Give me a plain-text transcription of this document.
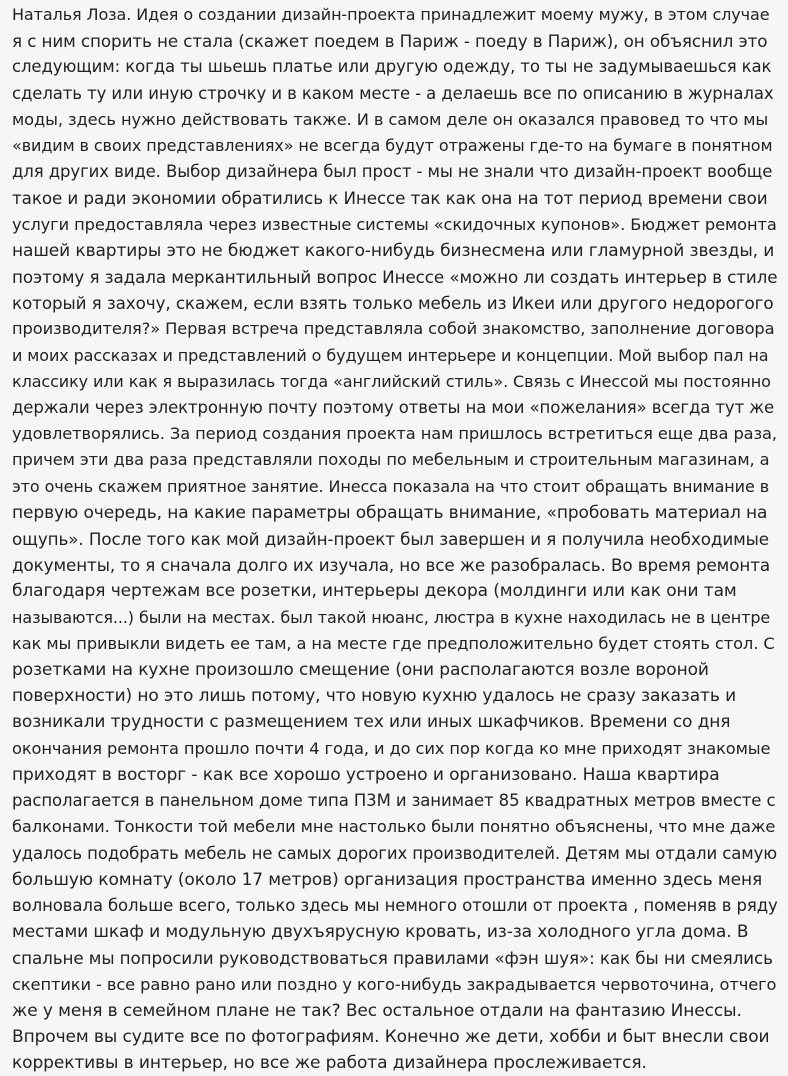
Наталья Лоза. Идея о создании дизайн-проекта принадлежит моему мужу, в этом случае
я с ним спорить не стала (скажет поедем в Париж - поеду в Париж), он объяснил это
следующим: когда ты шьешь платье или другую одежду, то ты не задумываешься как
сделать ту или иную строчку и в каком месте - а делаешь все по описанию в журналах
моды, здесь нужно действовать также. И в самом деле он оказался правовед то что мы
«видим в своих представлениях» не всегда будут отражены где-то на бумаге в понятном
для других виде. Выбор дизайнера был прост - мы не знали что дизайн-проект вообще
такое и ради экономии обратились к Инессе так как она на тот период времени свои
услуги предоставляла через известные системы «скидочных купонов». Бюджет ремонта
нашей квартиры это не бюджет какого-нибудь бизнесмена или гламурной звезды, и
поэтому я задала меркантильный вопрос Инессе «можно ли создать интерьер в стиле
который я захочу, скажем, если взять только мебель из Икеи или другого недорогого
производителя?» Первая встреча представляла собой знакомство, заполнение договора
и моих рассказах и представлений о будущем интерьере и концепции. Мой выбор пал на
классику или как я выразилась тогда «английский стиль». Связь с Инессой мы постоянно
держали через электронную почту поэтому ответы на мои «пожелания» всегда тут же
удовлетворялись. За период создания проекта нам пришлось встретиться еще два раза,
причем эти два раза представляли походы по мебельным и строительным магазинам, а
это очень скажем приятное занятие. Инесса показала на что стоит обращать внимание в
первую очередь, на какие параметры обращать внимание, «пробовать материал на
ощупь». После того как мой дизайн-проект был завершен и я получила необходимые
документы, то я сначала долго их изучала, но все же разобралась. Во время ремонта
благодаря чертежам все розетки, интерьеры декора (молдинги или как они там
называются...) были на местах. был такой нюанс, люстра в кухне находилась не в центре
как мы привыкли видеть ее там, а на месте где предположительно будет стоять стол. С
розетками на кухне произошло смещение (они располагаются возле вороной
поверхности) но это лишь потому, что новую кухню удалось не сразу заказать и
возникали трудности с размещением тех или иных шкафчиков. Времени со дня
окончания ремонта прошло почти 4 года, и до сих пор когда ко мне приходят знакомые
приходят в восторг - как все хорошо устроено и организовано. Наша квартира
располагается в панельном доме типа П3М и занимает 85 квадратных метров вместе с
балконами. Тонкости той мебели мне настолько были понятно объяснены, что мне даже
удалось подобрать мебель не самых дорогих производителей. Детям мы отдали самую
большую комнату (около 17 метров) организация пространства именно здесь меня
волновала больше всего, только здесь мы немного отошли от проекта , поменяв в ряду
местами шкаф и модульную двухъярусную кровать, из-за холодного угла дома. В
спальне мы попросили руководствоваться правилами «фэн шуя»: как бы ни смеялись
скептики - все равно рано или поздно у кого-нибудь закрадывается червоточина, отчего
же у меня в семейном плане не так? Вес остальное отдали на фантазию Инессы.
Впрочем вы судите все по фотографиям. Конечно же дети, хобби и быт внесли свои
коррективы в интерьер, но все же работа дизайнера прослеживается.
